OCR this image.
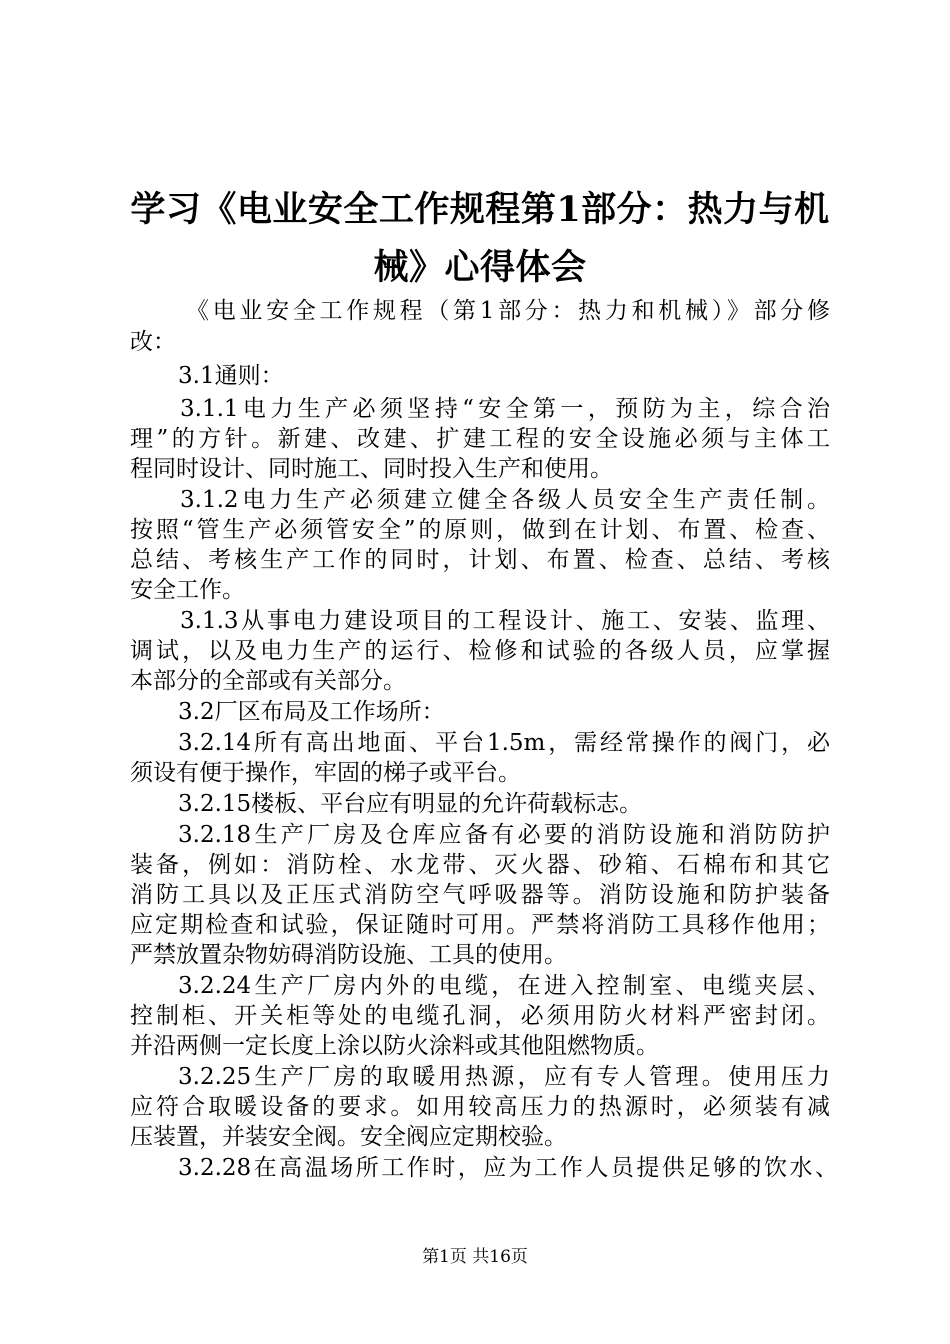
学习《电业安全工作规程第1部分：热力与机
械》心得体会
《电业安全工作规程（第1部分：热力和机械）》部分修
改：
3.1通则：
3.1.1电力生产必须坚持“安全第一，预防为主，综合治
理”的方针。新建、改建、扩建工程的安全设施必须与主体工
程同时设计、同时施工、同时投入生产和使用。
3.1.2电力生产必须建立健全各级人员安全生产责任制。
按照“管生产必须管安全”的原则，做到在计划、布置、检查、
总结、考核生产工作的同时，计划、布置、检查、总结、考核
安全工作。
3.1.3从事电力建设项目的工程设计、施工、安装、监理、
调试，以及电力生产的运行、检修和试验的各级人员，应掌握
本部分的全部或有关部分。
3.2厂区布局及工作场所：
3.2.14所有高出地面、平台1.5m，需经常操作的阀门，必
须设有便于操作，牢固的梯子或平台。
3.2.15楼板、平台应有明显的允许荷载标志。
3.2.18生产厂房及仓库应备有必要的消防设施和消防防护
装备，例如：消防栓、水龙带、灭火器、砂箱、石棉布和其它
消防工具以及正压式消防空气呼吸器等。消防设施和防护装备
应定期检查和试验，保证随时可用。严禁将消防工具移作他用；
严禁放置杂物妨碍消防设施、工具的使用。
3.2.24生产厂房内外的电缆，在进入控制室、电缆夹层、
控制柜、开关柜等处的电缆孔洞，必须用防火材料严密封闭。
并沿两侧一定长度上涂以防火涂料或其他阻燃物质。
3.2.25生产厂房的取暖用热源，应有专人管理。使用压力
应符合取暖设备的要求。如用较高压力的热源时，必须装有减
压装置，并装安全阀。安全阀应定期校验。
3.2.28在高温场所工作时，应为工作人员提供足够的饮水、
第1页 共16页
